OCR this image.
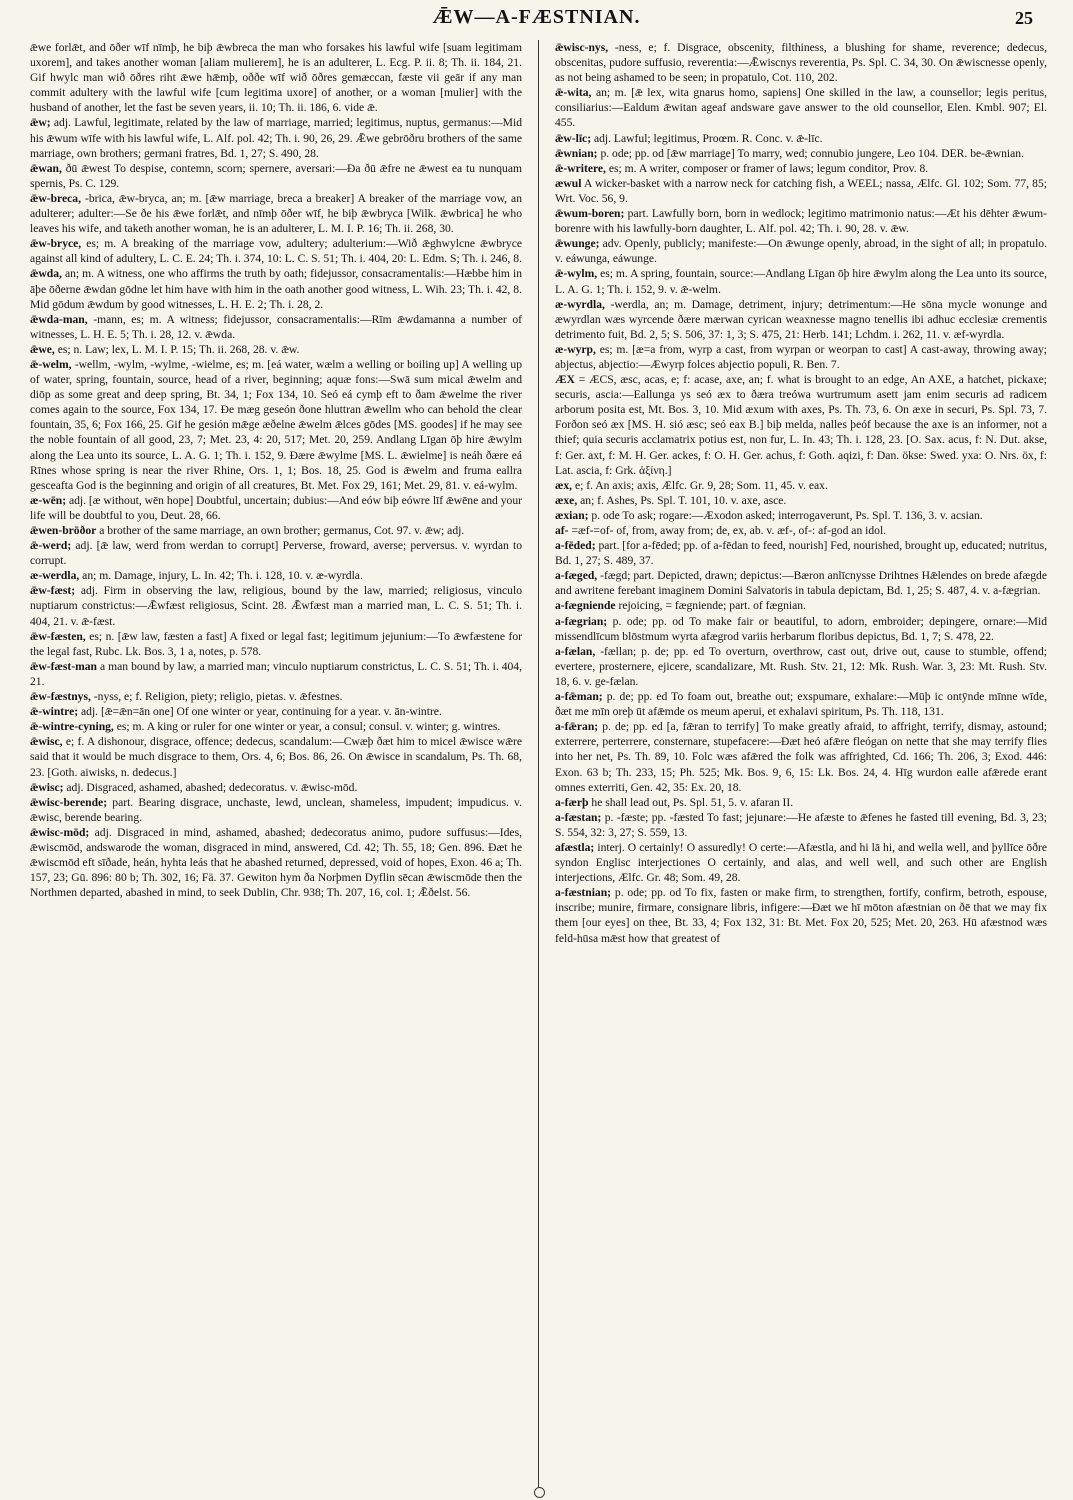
ǢW—A-FÆSTNIAN.	25

ǣwe forlǣt, and ōðer wīf nīmþ, he biþ ǣwbreca the man who forsakes his lawful wife [suam legitimam uxorem], and takes another woman [aliam mulierem], he is an adulterer, L. Ecg. P. ii. 8; Th. ii. 184, 21. Gif hwylc man wið ōðres riht ǣwe hǣmþ, oððe wīf wið ōðres gemæccan, fæste vii geār if any man commit adultery with the lawful wife [cum legitima uxore] of another, or a woman [mulier] with the husband of another, let the fast be seven years, ii. 10; Th. ii. 186, 6. vide ǣ.

ǣw; adj. Lawful, legitimate, related by the law of marriage, married; legitimus, nuptus, germanus:—Mid his ǣwum wīfe with his lawful wife, L. Alf. pol. 42; Th. i. 90, 26, 29. Ǣwe gebrōðru brothers of the same marriage, own brothers; germani fratres, Bd. 1, 27; S. 490, 28.

ǣwan, ðū ǣwest To despise, contemn, scorn; spernere, aversari:—Ða ðū ǣfre ne ǣwest ea tu nunquam spernis, Ps. C. 129.

ǣw-breca, -brica, ǣw-bryca, an; m. [ǣw marriage, breca a breaker] A breaker of the marriage vow, an adulterer; adulter:—Se ðe his ǣwe forlǣt, and nīmþ ōðer wīf, he biþ ǣwbryca [Wilk. ǣwbrica] he who leaves his wife, and taketh another woman, he is an adulterer, L. M. I. P. 16; Th. ii. 268, 30.

ǣw-bryce, es; m. A breaking of the marriage vow, adultery; adulterium:—Wið ǣghwylcne ǣwbryce against all kind of adultery, L. C. E. 24; Th. i. 374, 10: L. C. S. 51; Th. i. 404, 20: L. Edm. S; Th. i. 246, 8.

ǣwda, an; m. A witness, one who affirms the truth by oath; fidejussor, consacramentalis:—Hæbbe him in āþe ōðerne ǣwdan gōdne let him have with him in the oath another good witness, L. Wih. 23; Th. i. 42, 8. Mid gōdum ǣwdum by good witnesses, L. H. E. 2; Th. i. 28, 2.

ǣwda-man, -mann, es; m. A witness; fidejussor, consacramentalis:—Rīm ǣwdamanna a number of witnesses, L. H. E. 5; Th. i. 28, 12. v. ǣwda.

ǣwe, es; n. Law; lex, L. M. I. P. 15; Th. ii. 268, 28. v. ǣw.

ǣ-welm, -wellm, -wylm, -wylme, -wielme, es; m. [eá water, wælm a welling or boiling up] A welling up of water, spring, fountain, source, head of a river, beginning; aquæ fons:—Swā sum mical ǣwelm and diōp as some great and deep spring, Bt. 34, 1; Fox 134, 10. Seó eá cymþ eft to ðam ǣwelme the river comes again to the source, Fox 134, 17. Ðe mæg geseón ðone hluttran ǣwellm who can behold the clear fountain, 35, 6; Fox 166, 25. Gif he gesión mǣge æðelne ǣwelm ǣlces gōdes [MS. goodes] if he may see the noble fountain of all good, 23, 7; Met. 23, 4: 20, 517; Met. 20, 259. Andlang Līgan ōþ hire ǣwylm along the Lea unto its source, L. A. G. 1; Th. i. 152, 9. Ðære ǣwylme [MS. L. ǣwielme] is neáh ðære eá Rīnes whose spring is near the river Rhine, Ors. 1, 1; Bos. 18, 25. God is ǣwelm and fruma eallra gesceafta God is the beginning and origin of all creatures, Bt. Met. Fox 29, 161; Met. 29, 81. v. eá-wylm.

æ-wēn; adj. [æ without, wēn hope] Doubtful, uncertain; dubius:—And eów biþ eówre līf ǣwēne and your life will be doubtful to you, Deut. 28, 66.

ǣwen-brōðor a brother of the same marriage, an own brother; germanus, Cot. 97. v. ǣw; adj.

ǣ-werd; adj. [ǣ law, werd from werdan to corrupt] Perverse, froward, averse; perversus. v. wyrdan to corrupt.

æ-werdla, an; m. Damage, injury, L. In. 42; Th. i. 128, 10. v. æ-wyrdla.

ǣw-fæst; adj. Firm in observing the law, religious, bound by the law, married; religiosus, vinculo nuptiarum constrictus:—Ǣwfæst religiosus, Scint. 28. Ǣwfæst man a married man, L. C. S. 51; Th. i. 404, 21. v. ǣ-fæst.

ǣw-fæsten, es; n. [ǣw law, fæsten a fast] A fixed or legal fast; legitimum jejunium:—To ǣwfæstene for the legal fast, Rubc. Lk. Bos. 3, 1 a, notes, p. 578.

ǣw-fæst-man a man bound by law, a married man; vinculo nuptiarum constrictus, L. C. S. 51; Th. i. 404, 21.

ǣw-fæstnys, -nyss, e; f. Religion, piety; religio, pietas. v. ǣfestnes.

ǣ-wintre; adj. [ǣ=ǣn=ān one] Of one winter or year, continuing for a year. v. ān-wintre.

ǣ-wintre-cyning, es; m. A king or ruler for one winter or year, a consul; consul. v. winter; g. wintres.

ǣwisc, e; f. A dishonour, disgrace, offence; dedecus, scandalum:—Cwæþ ðæt him to micel ǣwisce wǣre said that it would be much disgrace to them, Ors. 4, 6; Bos. 86, 26. On ǣwisce in scandalum, Ps. Th. 68, 23. [Goth. aiwisks, n. dedecus.]

ǣwisc; adj. Disgraced, ashamed, abashed; dedecoratus. v. ǣwisc-mōd.

ǣwisc-berende; part. Bearing disgrace, unchaste, lewd, unclean, shameless, impudent; impudicus. v. ǣwisc, berende bearing.

ǣwisc-mōd; adj. Disgraced in mind, ashamed, abashed; dedecoratus animo, pudore suffusus:—Ides, ǣwiscmōd, andswarode the woman, disgraced in mind, answered, Cd. 42; Th. 55, 18; Gen. 896. Ðæt he ǣwiscmōd eft sīðade, heán, hyhta leás that he abashed returned, depressed, void of hopes, Exon. 46 a; Th. 157, 23; Gū. 896: 80 b; Th. 302, 16; Fä. 37. Gewiton hym ða Norþmen Dyflin sēcan ǣwiscmōde then the Northmen departed, abashed in mind, to seek Dublin, Chr. 938; Th. 207, 16, col. 1; Ǣðelst. 56.

ǣwisc-nys, -ness, e; f. Disgrace, obscenity, filthiness, a blushing for shame, reverence; dedecus, obscenitas, pudore suffusio, reverentia:—Ǣwiscnys reverentia, Ps. Spl. C. 34, 30. On ǣwiscnesse openly, as not being ashamed to be seen; in propatulo, Cot. 110, 202.

ǣ-wita, an; m. [ǣ lex, wita gnarus homo, sapiens] One skilled in the law, a counsellor; legis peritus, consiliarius:—Ealdum ǣwitan ageaf andsware gave answer to the old counsellor, Elen. Kmbl. 907; El. 455.

ǣw-līc; adj. Lawful; legitimus, Proœm. R. Conc. v. ǣ-līc.

ǣwnian; p. ode; pp. od [ǣw marriage] To marry, wed; connubio jungere, Leo 104. DER. be-ǣwnian.

ǣ-writere, es; m. A writer, composer or framer of laws; legum conditor, Prov. 8.

æwul A wicker-basket with a narrow neck for catching fish, a WEEL; nassa, Ælfc. Gl. 102; Som. 77, 85; Wrt. Voc. 56, 9.

ǣwum-boren; part. Lawfully born, born in wedlock; legitimo matrimonio natus:—Æt his dēhter ǣwum-borenre with his lawfully-born daughter, L. Alf. pol. 42; Th. i. 90, 28. v. ǣw.

ǣwunge; adv. Openly, publicly; manifeste:—On ǣwunge openly, abroad, in the sight of all; in propatulo. v. eáwunga, eáwunge.

ǣ-wylm, es; m. A spring, fountain, source:—Andlang Līgan ōþ hire ǣwylm along the Lea unto its source, L. A. G. 1; Th. i. 152, 9. v. ǣ-welm.

æ-wyrdla, -werdla, an; m. Damage, detriment, injury; detrimentum:—He sōna mycle wonunge and æwyrdlan wæs wyrcende ðære mærwan cyrican weaxnesse magno tenellis ibi adhuc ecclesiæ crementis detrimento fuit, Bd. 2, 5; S. 506, 37: 1, 3; S. 475, 21: Herb. 141; Lchdm. i. 262, 11. v. æf-wyrdla.

æ-wyrp, es; m. [æ=a from, wyrp a cast, from wyrpan or weorpan to cast] A cast-away, throwing away; abjectus, abjectio:—Æwyrp folces abjectio populi, R. Ben. 7.

ÆX = ÆCS, æsc, acas, e; f: acase, axe, an; f. what is brought to an edge, An AXE, a hatchet, pickaxe; securis, ascia:—Eallunga ys seó æx to ðæra treówa wurtrumum asett jam enim securis ad radicem arborum posita est, Mt. Bos. 3, 10. Mid æxum with axes, Ps. Th. 73, 6. On æxe in securi, Ps. Spl. 73, 7. Forðon seó æx [MS. H. sió æsc; seó eax B.] biþ melda, nalles þeóf because the axe is an informer, not a thief; quia securis acclamatrix potius est, non fur, L. In. 43; Th. i. 128, 23. [O. Sax. acus, f: N. Dut. akse, f: Ger. axt, f: M. H. Ger. ackes, f: O. H. Ger. achus, f: Goth. aqizi, f: Dan. ökse: Swed. yxa: O. Nrs. öx, f: Lat. ascia, f: Grk. ἀξίνη.]

æx, e; f. An axis; axis, Ælfc. Gr. 9, 28; Som. 11, 45. v. eax.

æxe, an; f. Ashes, Ps. Spl. T. 101, 10. v. axe, asce.

æxian; p. ode To ask; rogare:—Æxodon asked; interrogaverunt, Ps. Spl. T. 136, 3. v. acsian.

af- =æf-=of- of, from, away from; de, ex, ab. v. æf-, of-: af-god an idol.

a-fēded; part. [for a-fēded; pp. of a-fēdan to feed, nourish] Fed, nourished, brought up, educated; nutritus, Bd. 1, 27; S. 489, 37.

a-fæged, -fægd; part. Depicted, drawn; depictus:—Bæron anlīcnysse Drihtnes Hǣlendes on brede afægde and awritene ferebant imaginem Domini Salvatoris in tabula depictam, Bd. 1, 25; S. 487, 4. v. a-fægrian.

a-fægniende rejoicing, = fægniende; part. of fægnian.

a-fægrian; p. ode; pp. od To make fair or beautiful, to adorn, embroider; depingere, ornare:—Mid missendlīcum blōstmum wyrta afægrod variis herbarum floribus depictus, Bd. 1, 7; S. 478, 22.

a-fælan, -fællan; p. de; pp. ed To overturn, overthrow, cast out, drive out, cause to stumble, offend; evertere, prosternere, ejicere, scandalizare, Mt. Rush. Stv. 21, 12: Mk. Rush. War. 3, 23: Mt. Rush. Stv. 18, 6. v. ge-fælan.

a-fǣman; p. de; pp. ed To foam out, breathe out; exspumare, exhalare:—Mūþ ic ontȳnde mīnne wīde, ðæt me mīn oreþ ūt afǣmde os meum aperui, et exhalavi spiritum, Ps. Th. 118, 131.

a-fǣran; p. de; pp. ed [a, fǣran to terrify] To make greatly afraid, to affright, terrify, dismay, astound; exterrere, perterrere, consternare, stupefacere:—Ðæt heó afǣre fleógan on nette that she may terrify flies into her net, Ps. Th. 89, 10. Folc wæs afǣred the folk was affrighted, Cd. 166; Th. 206, 3; Exod. 446: Exon. 63 b; Th. 233, 15; Ph. 525; Mk. Bos. 9, 6, 15: Lk. Bos. 24, 4. Hīg wurdon ealle afǣrede erant omnes exterriti, Gen. 42, 35: Ex. 20, 18.

a-færþ he shall lead out, Ps. Spl. 51, 5. v. afaran II.

a-fæstan; p. -fæste; pp. -fæsted To fast; jejunare:—He afæste to ǣfenes he fasted till evening, Bd. 3, 23; S. 554, 32: 3, 27; S. 559, 13.

afæstla; interj. O certainly! O assuredly! O certe:—Afæstla, and hi lā hi, and wella well, and þyllīce ōðre syndon Englisc interjectiones O certainly, and alas, and well well, and such other are English interjections, Ælfc. Gr. 48; Som. 49, 28.

a-fæstnian; p. ode; pp. od To fix, fasten or make firm, to strengthen, fortify, confirm, betroth, espouse, inscribe; munire, firmare, consignare libris, infigere:—Ðæt we hī mōton afæstnian on ðē that we may fix them [our eyes] on thee, Bt. 33, 4; Fox 132, 31: Bt. Met. Fox 20, 525; Met. 20, 263. Hū afæstnod wæs feld-hūsa mǣst how that greatest of
